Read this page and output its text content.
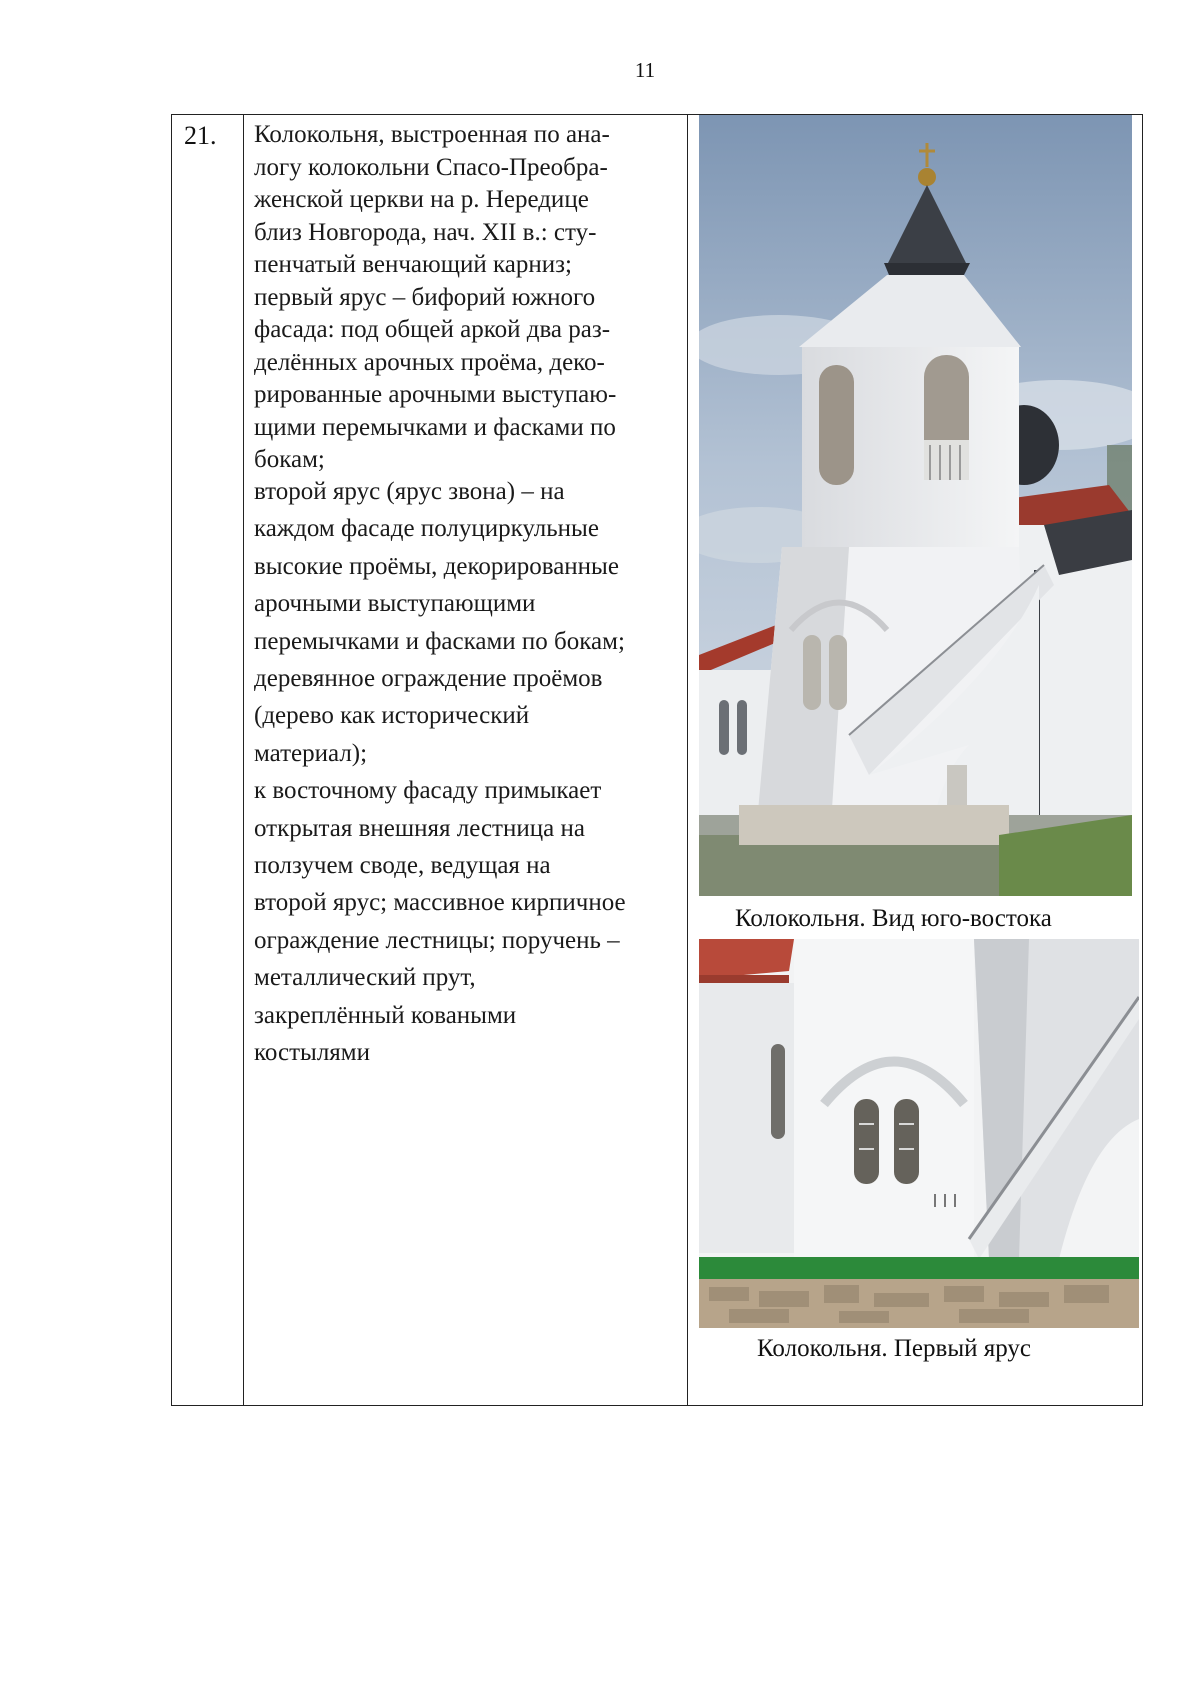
11
21. Колокольня, выстроенная по ана-
логу колокольни Спасо-Преобра-
женской церкви на р. Нередице
близ Новгорода, нач. XII в.: сту-
пенчатый венчающий карниз;
первый ярус – бифорий южного
фасада: под общей аркой два раз-
делённых арочных проёма, деко-
рированные арочными выступаю-
щими перемычками и фасками по
бокам;
второй ярус (ярус звона) – на
каждом фасаде полуциркульные
высокие проёмы, декорированные
арочными выступающими
перемычками и фасками по бокам;
деревянное ограждение проёмов
(дерево как исторический
материал);
к восточному фасаду примыкает
открытая внешняя лестница на
ползучем своде, ведущая на
второй ярус; массивное кирпичное
ограждение лестницы; поручень –
металлический прут,
закреплённый коваными
костылями
Колокольня. Вид юго-востока
Колокольня. Первый ярус
